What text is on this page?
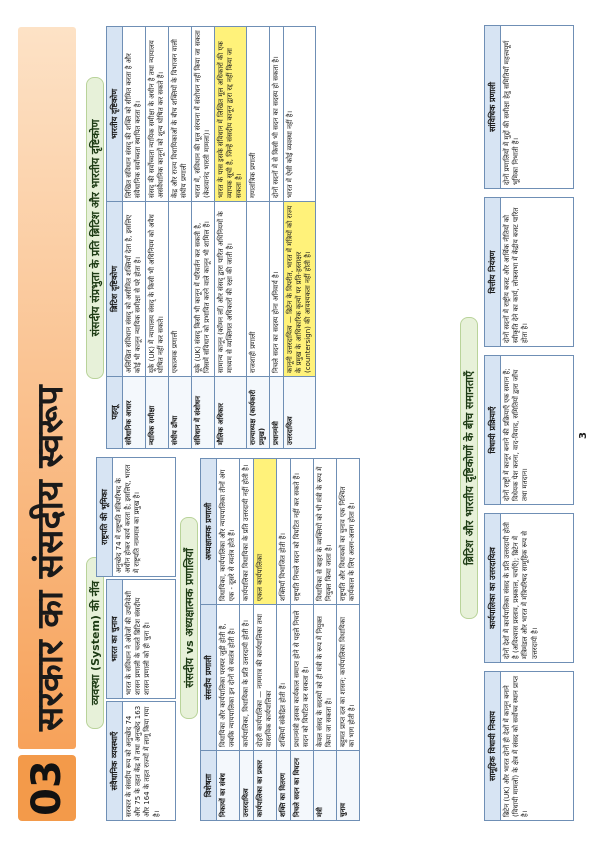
03
सरकार का संसदीय स्वरूप व्यवस्था (System) की नींव
संवैधानिक व्यवस्थाएँ सरकार के संसदीय रूप को अनुच्छेद 74 और 75 के तहत केंद्र में तथा अनुच्छेद 163 और 164 के तहत राज्यों में लागू किया गया है।
भारत का चुनाव भारत के संविधान ने अंग्रेजों की उपनिवेशी शासन प्रणाली के चलते ब्रिटिश संसदीय शासन प्रणाली को ही चुना है।
राष्ट्रपति की भूमिका अनुच्छेद 74 में राष्ट्रपति मंत्रिपरिषद के अधीन होकर कार्य करता है; इसलिए, भारत में राष्ट्रपति नाममात्र का प्रमुख है।
संसदीय vs अध्यक्षात्मक प्रणालियाँ
विशेषता	संसदीय प्रणाली	अध्यक्षात्मक प्रणाली
निकायों का संबंध	विधायिका और कार्यपालिका परस्पर जुड़ी होती हैं, जबकि न्यायपालिका इन दोनों से स्वतंत्र होती है।	विधायिका, कार्यपालिका और न्यायपालिका तीनों अंग एक - दूसरे से स्वतंत्र होते हैं।
उत्तरदायित्व	कार्यपालिका, विधायिका के प्रति उत्तरदायी होती है।	कार्यपालिका विधायिका के प्रति उत्तरदायी नहीं होती है।
कार्यपालिका का प्रकार	दोहरी कार्यपालिका — नाममात्र की कार्यपालिका तथा वास्तविक कार्यपालिका	एकल कार्यपालिका
शक्ति का वितरण	शक्तियाँ संकेंद्रित होती हैं।	शक्तियाँ विभाजित होती हैं।
निचले सदन का विघटन	प्रधानमंत्री इसका कार्यकाल समाप्त होने से पहले निचले सदन को विघटित कर सकता है।	राष्ट्रपति निचले सदन को विघटित नहीं कर सकते हैं।
मंत्री	केवल संसद के सदस्यों को ही मंत्री के रूप में नियुक्त किया जा सकता है।	विधायिका से बाहर के व्यक्तियों को भी मंत्री के रूप में नियुक्त किया जाता है।
चुनाव	बहुमत प्राप्त दल का शासन; कार्यपालिका विधायिका का भाग होती है।	राष्ट्रपति और विधायकों का चुनाव एक निश्चित कार्यकाल के लिए अलग-अलग होता है।
संसदीय संप्रभुता के प्रति ब्रिटिश और भारतीय दृष्टिकोण
पहलू	ब्रिटिश दृष्टिकोण	भारतीय दृष्टिकोण
संवैधानिक आधार	अलिखित संविधान संसद् को असीमित शक्तियाँ देता है, इसलिए कोई भी कानून न्यायिक समीक्षा से परे होता है।	लिखित संविधान संसद् की शक्ति को सीमित करता है और संवैधानिक सर्वोच्चता स्थापित करता है।
न्यायिक समीक्षा	यूके (UK) में न्यायालय संसद् के किसी भी अधिनियम को अवैध घोषित नहीं कर सकते।	संसद् की सर्वोच्चता न्यायिक समीक्षा के अधीन है तथा न्यायालय असंवैधानिक कानूनों को शून्य घोषित कर सकते हैं।
संघीय ढाँचा	एकात्मक प्रणाली	केंद्र और राज्य विधायिकाओं के बीच शक्तियों के विभाजन वाली संघीय प्रणाली
संविधान में संशोधन	यूके (UK) संसद् किसी भी कानून में परिवर्तन कर सकती है, जिसमें संविधान को प्रभावित करने वाले कानून भी शामिल हैं।	भारत में, संविधान की मूल संरचना में संशोधन नहीं किया जा सकता (केशवानंद भारती मामला)।
मौलिक अधिकार	सामान्य कानून (कॉमन लॉ) और संसद् द्वारा पारित अधिनियमों के माध्यम से व्यक्तिगत अधिकारों की रक्षा की जाती है।	भारत के पास इसके संविधान में लिखित मूल अधिकारों की एक व्यापक सूची है, जिन्हें संसदीय कानून द्वारा रद्द नहीं किया जा सकता है।
राज्याध्यक्ष (कार्यकारी प्रमुख)	राजशाही प्रणाली	गणतांत्रिक प्रणाली
प्रधानमंत्री	निचले सदन का सदस्य होना अनिवार्य है।	दोनों सदनों में से किसी भी सदन का सदस्य हो सकता है।
उत्तरदायित्व	कानूनी उत्तरदायित्व — ब्रिटेन के विपरीत, भारत में मंत्रियों को राज्य के प्रमुख के आधिकारिक कृत्यों पर प्रति-हस्ताक्षर (countersign) की आवश्यकता नहीं होती है।	भारत में ऐसी कोई व्यवस्था नहीं है।
ब्रिटिश और भारतीय दृष्टिकोणों के बीच समानताएँ
सामूहिक विधायी निकाय ब्रिटेन (UK) और भारत दोनों ही देशों में कानून बनाने (विधायी मामलों) के क्षेत्र में संसद को सर्वोच्च स्थान प्राप्त है।
कार्यपालिका का उत्तरदायित्व दोनों देशों में कार्यपालिका संसद के प्रति उत्तरदायी होती है (अविश्वास प्रस्ताव, प्रश्नकाल, चर्चाएँ); ब्रिटेन में मंत्रिमंडल और भारत में मंत्रिपरिषद सामूहिक रूप से उत्तरदायी है।
विधायी प्रक्रियाएँ दोनों राष्ट्रों में कानून बनाने की प्रक्रियाएँ एक समान हैं; विधेयक पेश करना, वाद-विवाद, समितियों द्वारा जाँच तथा मतदान।
वित्तीय नियंत्रण दोनों सदनों में राष्ट्रीय बजट और आर्थिक नीतियों को स्वीकृति देने का कार्य, लोकसभा में केंद्रीय बजट पारित होता है।
सांविधिक प्रणाली दोनों प्रणालियों में मुद्दों की समीक्षा हेतु समितियाँ महत्त्वपूर्ण भूमिका निभाती हैं।
3
